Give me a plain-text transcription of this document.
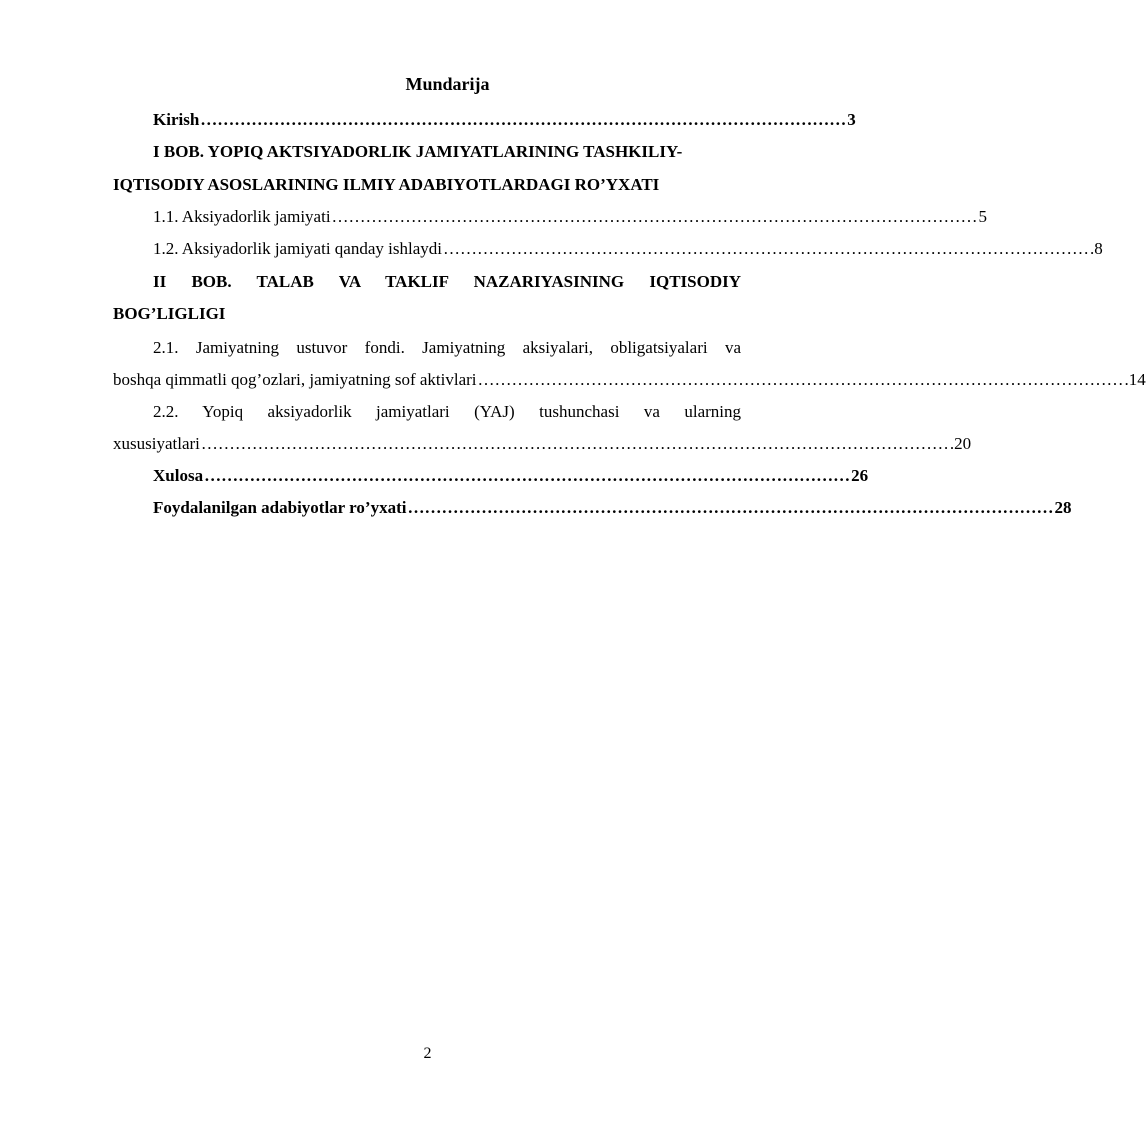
Mundarija
Kirish …………………………………………………………………………………………………… 3
I BOB. YOPIQ AKTSIYADORLIK JAMIYATLARINING TASHKILIY-
IQTISODIY ASOSLARINING ILMIY ADABIYOTLARDAGI RO’YXATI
1.1. Aksiyadorlik jamiyati …………………………………………………………………………………………………… 5
1.2. Aksiyadorlik jamiyati qanday ishlaydi …………………………………………………………………………………………………… .8
II BOB. TALAB VA TAKLIF NAZARIYASINING IQTISODIY
BOG’LIGLIGI
2.1. Jamiyatning ustuvor fondi. Jamiyatning aksiyalari, obligatsiyalari va
boshqa qimmatli qog’ozlari, jamiyatning sof aktivlari …………………………………………………………………………………………………… .14
2.2. Yopiq aksiyadorlik jamiyatlari (YAJ) tushunchasi va ularning
xususiyatlari …………………………………………………………………………………………………………………… .20
Xulosa …………………………………………………………………………………………………… 26
Foydalanilgan adabiyotlar ro’yxati …………………………………………………………………………………………………… 28
2
